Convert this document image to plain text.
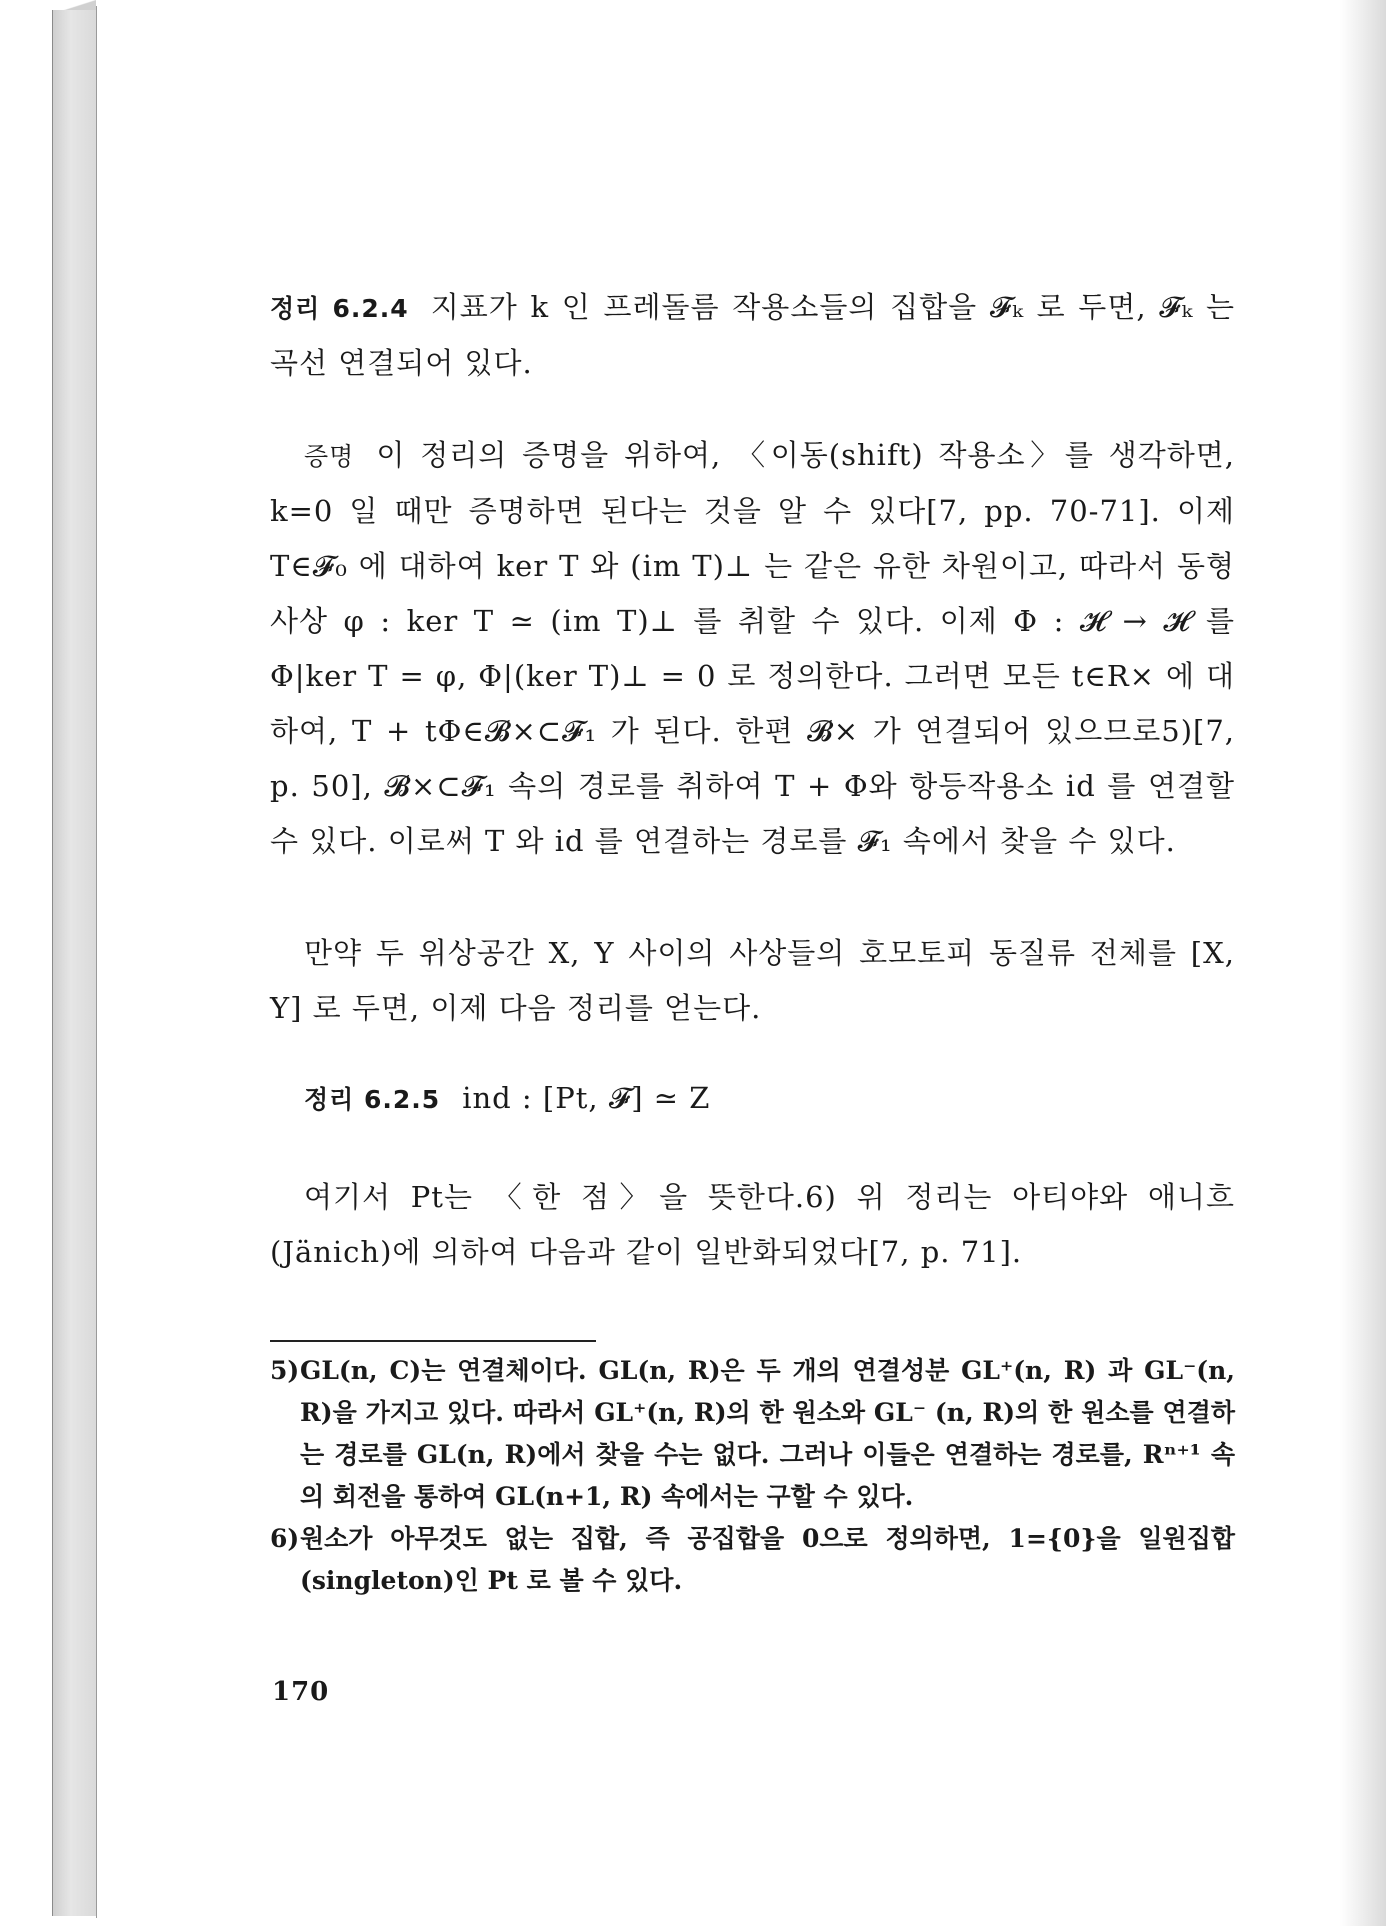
정리 6.2.4 지표가 k 인 프레돌름 작용소들의 집합을 𝓕ₖ 로 두면, 𝓕ₖ 는 곡선 연결되어 있다.

증명 이 정리의 증명을 위하여, 〈이동(shift) 작용소〉를 생각하면, k=0 일 때만 증명하면 된다는 것을 알 수 있다[7, pp. 70-71]. 이제 T∈𝓕₀ 에 대하여 ker T 와 (im T)⊥ 는 같은 유한 차원이고, 따라서 동형사상 φ : ker T ≃ (im T)⊥ 를 취할 수 있다. 이제 Φ : 𝓗 → 𝓗 를 Φ|ker T = φ, Φ|(ker T)⊥ = 0 로 정의한다. 그러면 모든 t∈R× 에 대하여, T + tΦ∈𝓑×⊂𝓕₁ 가 된다. 한편 𝓑× 가 연결되어 있으므로5)[7, p. 50], 𝓑×⊂𝓕₁ 속의 경로를 취하여 T + Φ와 항등작용소 id 를 연결할 수 있다. 이로써 T 와 id 를 연결하는 경로를 𝓕₁ 속에서 찾을 수 있다.

만약 두 위상공간 X, Y 사이의 사상들의 호모토피 동질류 전체를 [X, Y] 로 두면, 이제 다음 정리를 얻는다.

정리 6.2.5 ind : [Pt, 𝓕] ≃ Z

여기서 Pt는 〈한 점〉을 뜻한다.6) 위 정리는 아티야와 애니흐 (Jänich)에 의하여 다음과 같이 일반화되었다[7, p. 71].

5) GL(n, C)는 연결체이다. GL(n, R)은 두 개의 연결성분 GL⁺(n, R) 과 GL⁻(n, R)을 가지고 있다. 따라서 GL⁺(n, R)의 한 원소와 GL⁻ (n, R)의 한 원소를 연결하는 경로를 GL(n, R)에서 찾을 수는 없다. 그러나 이들은 연결하는 경로를, Rⁿ⁺¹ 속의 회전을 통하여 GL(n+1, R) 속에서는 구할 수 있다.

6) 원소가 아무것도 없는 집합, 즉 공집합을 0으로 정의하면, 1={0}을 일원집합(singleton)인 Pt 로 볼 수 있다.

170
